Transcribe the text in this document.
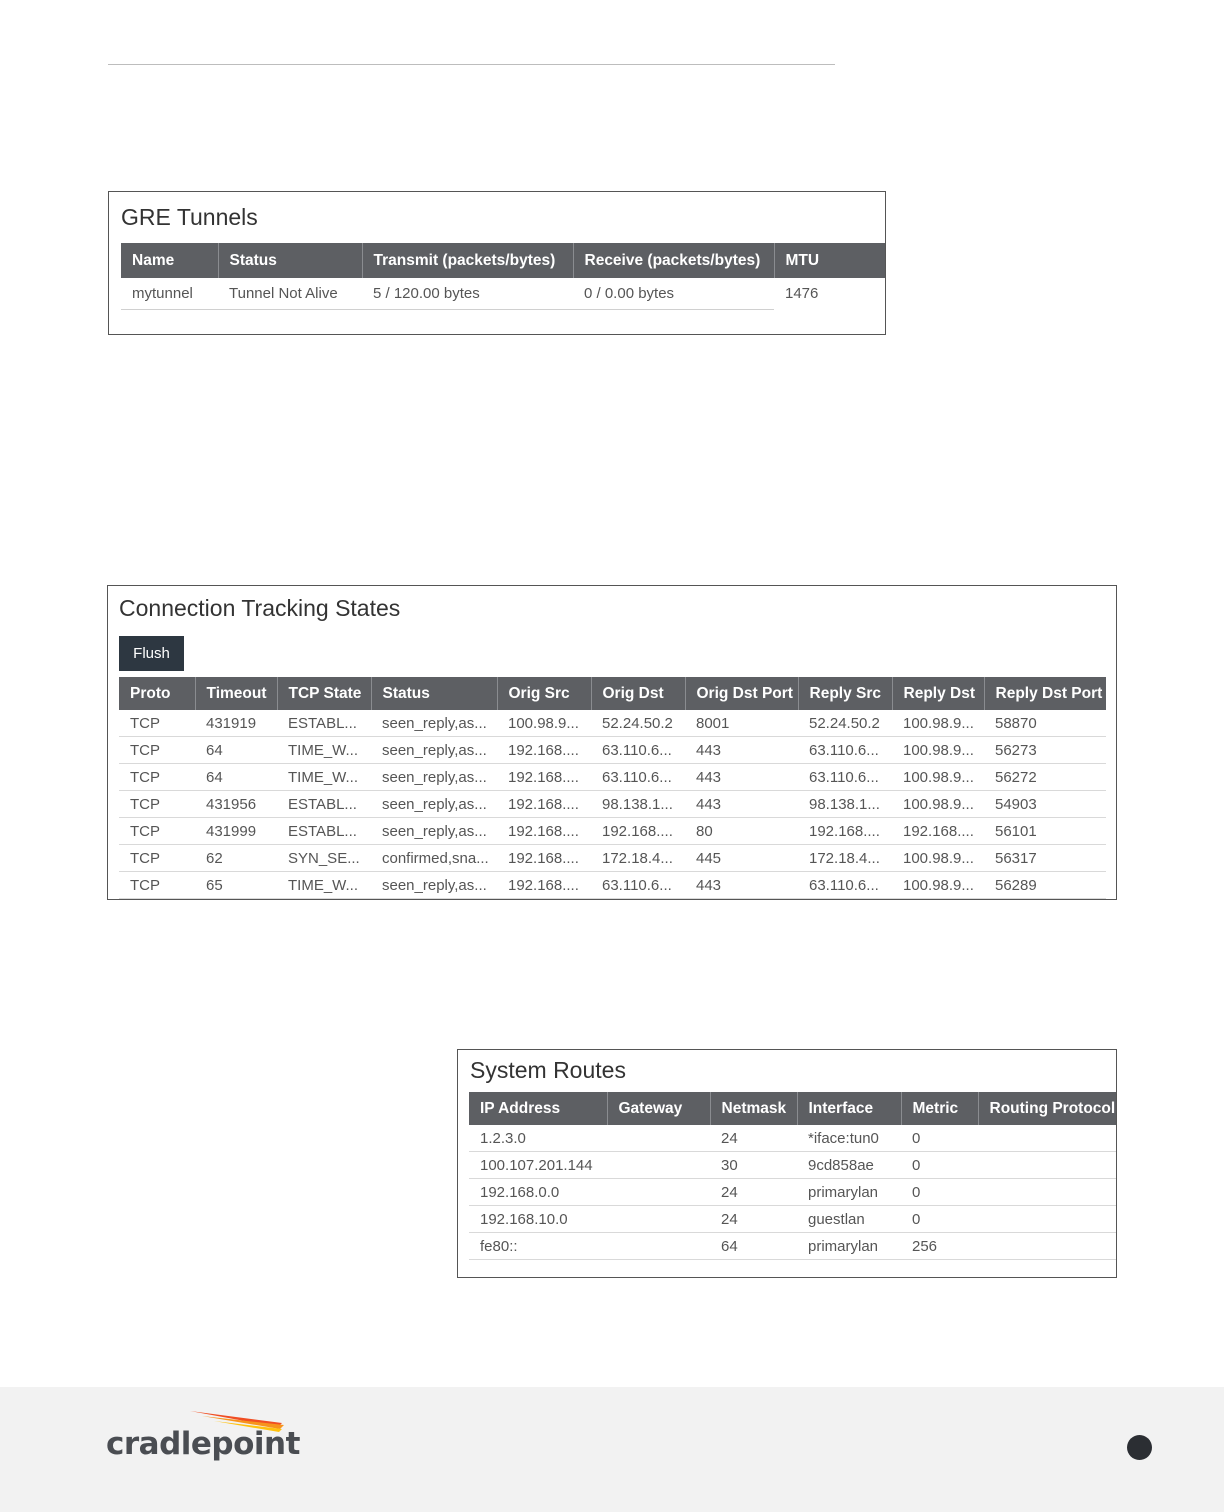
GRE Tunnels
Name	Status	Transmit (packets/bytes)	Receive (packets/bytes)	MTU
mytunnel	Tunnel Not Alive	5 / 120.00 bytes	0 / 0.00 bytes	1476
Connection Tracking States
Flush
Proto	Timeout	TCP State	Status	Orig Src	Orig Dst	Orig Dst Port	Reply Src	Reply Dst	Reply Dst Port
TCP	431919	ESTABL...	seen_reply,as...	100.98.9...	52.24.50.2	8001	52.24.50.2	100.98.9...	58870
TCP	64	TIME_W...	seen_reply,as...	192.168....	63.110.6...	443	63.110.6...	100.98.9...	56273
TCP	64	TIME_W...	seen_reply,as...	192.168....	63.110.6...	443	63.110.6...	100.98.9...	56272
TCP	431956	ESTABL...	seen_reply,as...	192.168....	98.138.1...	443	98.138.1...	100.98.9...	54903
TCP	431999	ESTABL...	seen_reply,as...	192.168....	192.168....	80	192.168....	192.168....	56101
TCP	62	SYN_SE...	confirmed,sna...	192.168....	172.18.4...	445	172.18.4...	100.98.9...	56317
TCP	65	TIME_W...	seen_reply,as...	192.168....	63.110.6...	443	63.110.6...	100.98.9...	56289
System Routes
IP Address	Gateway	Netmask	Interface	Metric	Routing Protocol
1.2.3.0		24	*iface:tun0	0	
100.107.201.144		30	9cd858ae	0	
192.168.0.0		24	primarylan	0	
192.168.10.0		24	guestlan	0	
fe80::		64	primarylan	256	
cradlepoint
